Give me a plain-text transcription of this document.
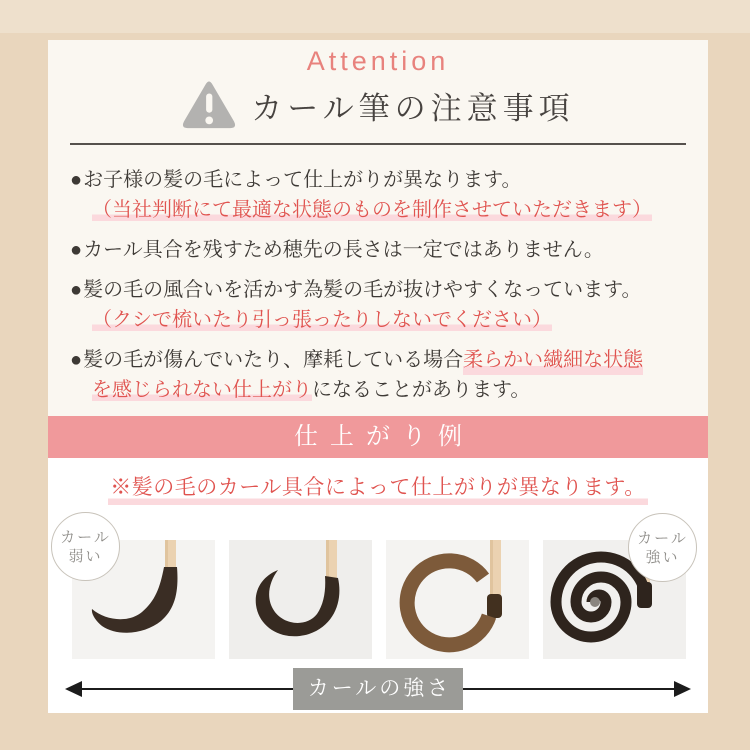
Attention
カール筆の注意事項
● お子様の髪の毛によって仕上がりが異なります。
（当社判断にて最適な状態のものを制作させていただきます）
● カール具合を残すため穂先の長さは一定ではありません。
● 髪の毛の風合いを活かす為髪の毛が抜けやすくなっています。
（クシで梳いたり引っ張ったりしないでください）
● 髪の毛が傷んでいたり、摩耗している場合 柔らかい繊細な状態
を感じられない仕上がりになることがあります。
仕上がり例
※髪の毛のカール具合によって仕上がりが異なります。
カール
弱い
カール
強い
カールの強さ
